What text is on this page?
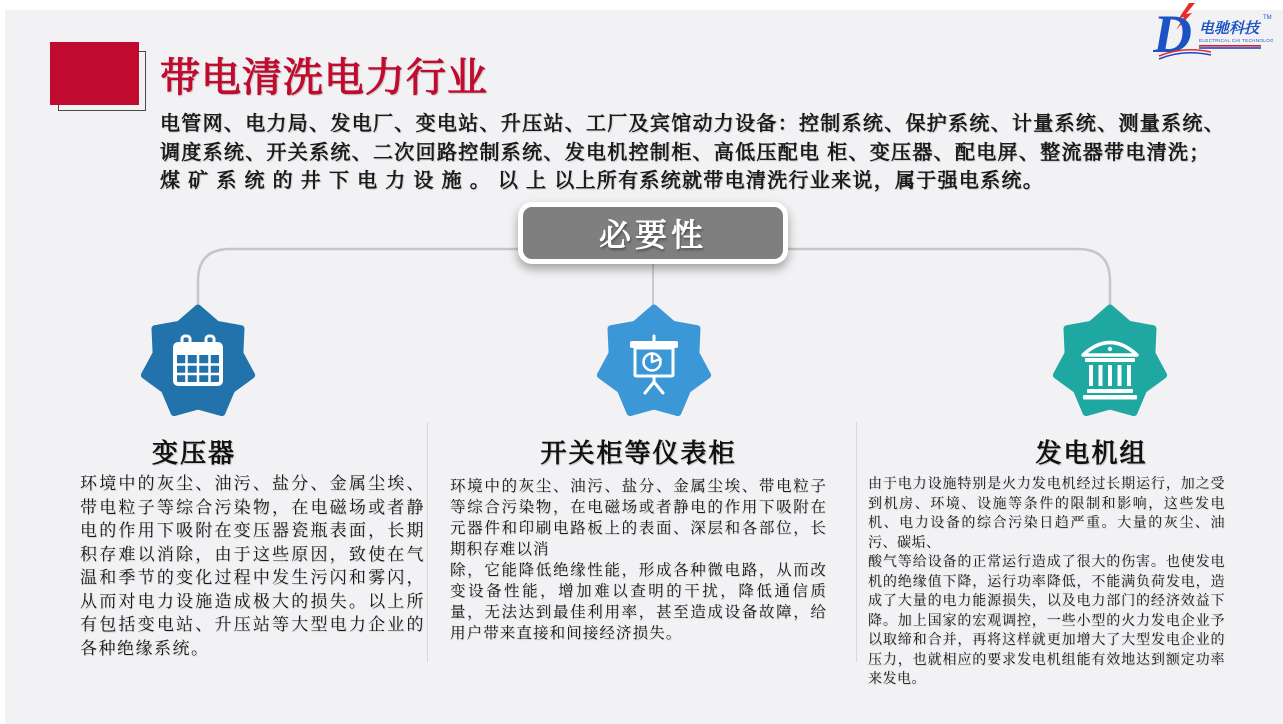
带电清洗电力行业
电管网、电力局、发电厂、变电站、升压站、工厂及宾馆动力设备：控制系统、保护系统、计量系统、测量系统、
调度系统、开关系统、二次回路控制系统、发电机控制柜、高低压配电 柜、变压器、配电屏、整流器带电清洗；
煤 矿 系 统 的 井 下 电 力 设 施 。 以 上 以上所有系统就带电清洗行业来说，属于强电系统。
必要性
变压器	开关柜等仪表柜	发电机组

环境中的灰尘、油污、盐分、金属尘埃、带电粒子等综合污染物，在电磁场或者静电的作用下吸附在变压器瓷瓶表面，长期积存难以消除，由于这些原因，致使在气温和季节的变化过程中发生污闪和雾闪，从而对电力设施造成极大的损失。以上所有包括变电站、升压站等大型电力企业的各种绝缘系统。

环境中的灰尘、油污、盐分、金属尘埃、带电粒子等综合污染物，在电磁场或者静电的作用下吸附在元器件和印刷电路板上的表面、深层和各部位，长期积存难以消

除，它能降低绝缘性能，形成各种微电路，从而改变设备性能，增加难以查明的干扰，降低通信质量，无法达到最佳利用率，甚至造成设备故障，给用户带来直接和间接经济损失。

由于电力设施特别是火力发电机经过长期运行，加之受到机房、环境、设施等条件的限制和影响，这些发电机、电力设备的综合污染日趋严重。大量的灰尘、油污、碳垢、

酸气等给设备的正常运行造成了很大的伤害。也使发电机的绝缘值下降，运行功率降低，不能满负荷发电，造成了大量的电力能源损失，以及电力部门的经济效益下降。加上国家的宏观调控，一些小型的火力发电企业予以取缔和合并，再将这样就更加增大了大型发电企业的压力，也就相应的要求发电机组能有效地达到额定功率来发电。

D 电驰科技
TM
ELECTRICAL CHI TECHNOLOGY
